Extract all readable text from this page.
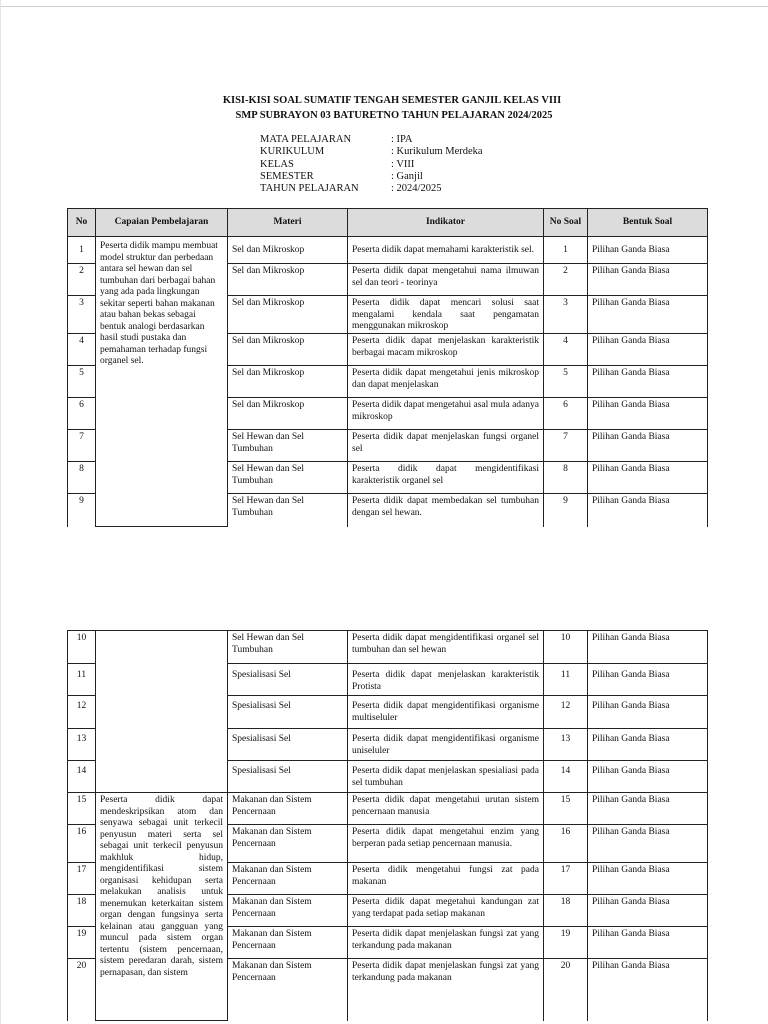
KISI-KISI SOAL SUMATIF TENGAH SEMESTER GANJIL KELAS VIII
SMP SUBRAYON 03 BATURETNO TAHUN PELAJARAN 2024/2025
MATA PELAJARAN	: IPA
KURIKULUM	: Kurikulum Merdeka
KELAS	: VIII
SEMESTER	: Ganjil
TAHUN PELAJARAN	: 2024/2025
No	Capaian Pembelajaran	Materi	Indikator	No Soal	Bentuk Soal
1	Peserta didik mampu membuat model struktur dan perbedaan antara sel hewan dan sel tumbuhan dari berbagai bahan yang ada pada lingkungan sekitar seperti bahan makanan atau bahan bekas sebagai bentuk analogi berdasarkan hasil studi pustaka dan pemahaman terhadap fungsi organel sel.	Sel dan Mikroskop	Peserta didik dapat memahami karakteristik sel.	1	Pilihan Ganda Biasa
2		Sel dan Mikroskop	Peserta didik dapat mengetahui nama ilmuwan sel dan teori - teorinya	2	Pilihan Ganda Biasa
3		Sel dan Mikroskop	Peserta didik dapat mencari solusi saat mengalami kendala saat pengamatan menggunakan mikroskop	3	Pilihan Ganda Biasa
4		Sel dan Mikroskop	Peserta didik dapat menjelaskan karakteristik berbagai macam mikroskop	4	Pilihan Ganda Biasa
5		Sel dan Mikroskop	Peserta didik dapat mengetahui jenis mikroskop dan dapat menjelaskan	5	Pilihan Ganda Biasa
6		Sel dan Mikroskop	Peserta didik dapat mengetahui asal mula adanya mikroskop	6	Pilihan Ganda Biasa
7		Sel Hewan dan Sel Tumbuhan	Peserta didik dapat menjelaskan fungsi organel sel	7	Pilihan Ganda Biasa
8		Sel Hewan dan Sel Tumbuhan	Peserta didik dapat mengidentifikasi karakteristik organel sel	8	Pilihan Ganda Biasa
9		Sel Hewan dan Sel Tumbuhan	Peserta didik dapat membedakan sel tumbuhan dengan sel hewan.	9	Pilihan Ganda Biasa
10		Sel Hewan dan Sel Tumbuhan	Peserta didik dapat mengidentifikasi organel sel tumbuhan dan sel hewan	10	Pilihan Ganda Biasa
11		Spesialisasi Sel	Peserta didik dapat menjelaskan karakteristik Protista	11	Pilihan Ganda Biasa
12		Spesialisasi Sel	Peserta didik dapat mengidentifikasi organisme multiseluler	12	Pilihan Ganda Biasa
13		Spesialisasi Sel	Peserta didik dapat mengidentifikasi organisme uniseluler	13	Pilihan Ganda Biasa
14		Spesialisasi Sel	Peserta didik dapat menjelaskan spesialiasi pada sel tumbuhan	14	Pilihan Ganda Biasa
15	Peserta didik dapat mendeskripsikan atom dan senyawa sebagai unit terkecil penyusun materi serta sel sebagai unit terkecil penyusun makhluk hidup, mengidentifikasi sistem organisasi kehidupan serta melakukan analisis untuk menemukan keterkaitan sistem organ dengan fungsinya serta kelainan atau gangguan yang muncul pada sistem organ tertentu (sistem pencernaan, sistem peredaran darah, sistem pernapasan, dan sistem	Makanan dan Sistem Pencernaan	Peserta didik dapat mengetahui urutan sistem pencernaan manusia	15	Pilihan Ganda Biasa
16		Makanan dan Sistem Pencernaan	Peserta didik dapat mengetahui enzim yang berperan pada setiap pencernaan manusia.	16	Pilihan Ganda Biasa
17		Makanan dan Sistem Pencernaan	Peserta didik mengetahui fungsi zat pada makanan	17	Pilihan Ganda Biasa
18		Makanan dan Sistem Pencernaan	Peserta didik dapat megetahui kandungan zat yang terdapat pada setiap makanan	18	Pilihan Ganda Biasa
19		Makanan dan Sistem Pencernaan	Peserta didik dapat menjelaskan fungsi zat yang terkandung pada makanan	19	Pilihan Ganda Biasa
20		Makanan dan Sistem Pencernaan	Peserta didik dapat menjelaskan fungsi zat yang terkandung pada makanan	20	Pilihan Ganda Biasa
